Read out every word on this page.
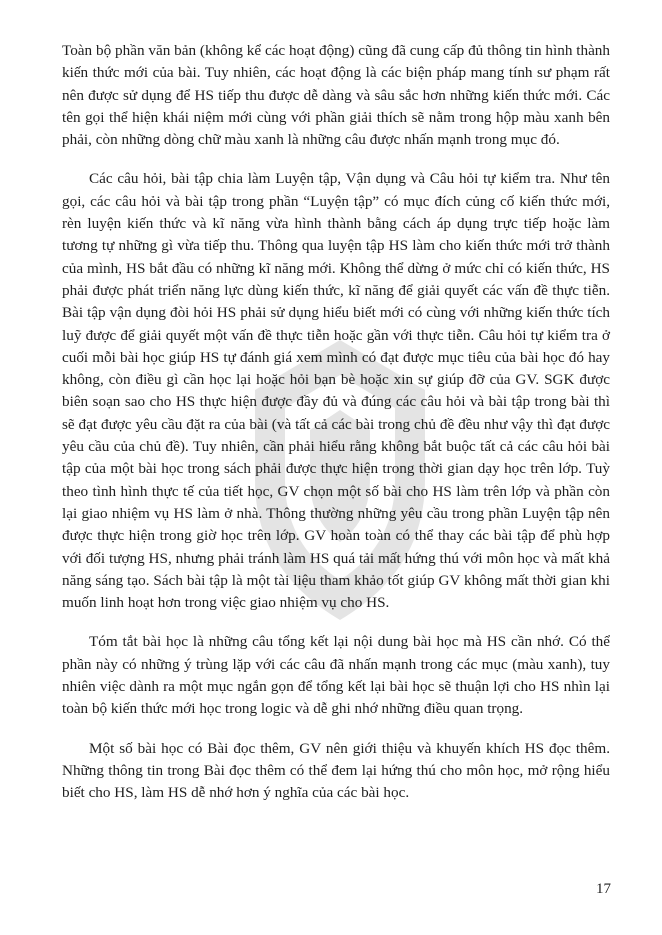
Toàn bộ phần văn bản (không kể các hoạt động) cũng đã cung cấp đủ thông tin hình thành kiến thức mới của bài. Tuy nhiên, các hoạt động là các biện pháp mang tính sư phạm rất nên được sử dụng để HS tiếp thu được dễ dàng và sâu sắc hơn những kiến thức mới. Các tên gọi thể hiện khái niệm mới cùng với phần giải thích sẽ nằm trong hộp màu xanh bên phải, còn những dòng chữ màu xanh là những câu được nhấn mạnh trong mục đó.

Các câu hỏi, bài tập chia làm Luyện tập, Vận dụng và Câu hỏi tự kiểm tra. Như tên gọi, các câu hỏi và bài tập trong phần “Luyện tập” có mục đích củng cố kiến thức mới, rèn luyện kiến thức và kĩ năng vừa hình thành bằng cách áp dụng trực tiếp hoặc làm tương tự những gì vừa tiếp thu. Thông qua luyện tập HS làm cho kiến thức mới trở thành của mình, HS bắt đầu có những kĩ năng mới. Không thể dừng ở mức chỉ có kiến thức, HS phải được phát triển năng lực dùng kiến thức, kĩ năng để giải quyết các vấn đề thực tiễn. Bài tập vận dụng đòi hỏi HS phải sử dụng hiểu biết mới có cùng với những kiến thức tích luỹ được để giải quyết một vấn đề thực tiễn hoặc gần với thực tiễn. Câu hỏi tự kiểm tra ở cuối mỗi bài học giúp HS tự đánh giá xem mình có đạt được mục tiêu của bài học đó hay không, còn điều gì cần học lại hoặc hỏi bạn bè hoặc xin sự giúp đỡ của GV. SGK được biên soạn sao cho HS thực hiện được đầy đủ và đúng các câu hỏi và bài tập trong bài thì sẽ đạt được yêu cầu đặt ra của bài (và tất cả các bài trong chủ đề đều như vậy thì đạt được yêu cầu của chủ đề). Tuy nhiên, cần phải hiểu rằng không bắt buộc tất cả các câu hỏi bài tập của một bài học trong sách phải được thực hiện trong thời gian dạy học trên lớp. Tuỳ theo tình hình thực tế của tiết học, GV chọn một số bài cho HS làm trên lớp và phần còn lại giao nhiệm vụ HS làm ở nhà. Thông thường những yêu cầu trong phần Luyện tập nên được thực hiện trong giờ học trên lớp. GV hoàn toàn có thể thay các bài tập để phù hợp với đối tượng HS, nhưng phải tránh làm HS quá tải mất hứng thú với môn học và mất khả năng sáng tạo. Sách bài tập là một tài liệu tham khảo tốt giúp GV không mất thời gian khi muốn linh hoạt hơn trong việc giao nhiệm vụ cho HS.

Tóm tắt bài học là những câu tổng kết lại nội dung bài học mà HS cần nhớ. Có thể phần này có những ý trùng lặp với các câu đã nhấn mạnh trong các mục (màu xanh), tuy nhiên việc dành ra một mục ngắn gọn để tổng kết lại bài học sẽ thuận lợi cho HS nhìn lại toàn bộ kiến thức mới học trong logic và dễ ghi nhớ những điều quan trọng.

Một số bài học có Bài đọc thêm, GV nên giới thiệu và khuyến khích HS đọc thêm. Những thông tin trong Bài đọc thêm có thể đem lại hứng thú cho môn học, mở rộng hiểu biết cho HS, làm HS dễ nhớ hơn ý nghĩa của các bài học.

17
